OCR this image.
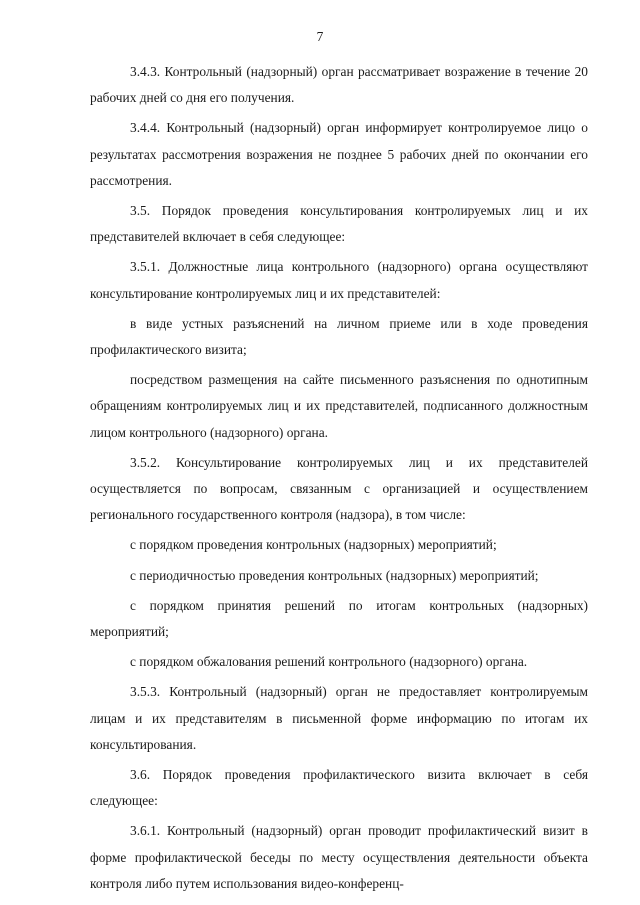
7

3.4.3. Контрольный (надзорный) орган рассматривает возражение в течение 20 рабочих дней со дня его получения.

3.4.4. Контрольный (надзорный) орган информирует контролируемое лицо о результатах рассмотрения возражения не позднее 5 рабочих дней по окончании его рассмотрения.

3.5. Порядок проведения консультирования контролируемых лиц и их представителей включает в себя следующее:

3.5.1. Должностные лица контрольного (надзорного) органа осуществляют консультирование контролируемых лиц и их представителей:

в виде устных разъяснений на личном приеме или в ходе проведения профилактического визита;

посредством размещения на сайте письменного разъяснения по однотипным обращениям контролируемых лиц и их представителей, подписанного должностным лицом контрольного (надзорного) органа.

3.5.2. Консультирование контролируемых лиц и их представителей осуществляется по вопросам, связанным с организацией и осуществлением регионального государственного контроля (надзора), в том числе:

с порядком проведения контрольных (надзорных) мероприятий;

с периодичностью проведения контрольных (надзорных) мероприятий;

с порядком принятия решений по итогам контрольных (надзорных) мероприятий;

с порядком обжалования решений контрольного (надзорного) органа.

3.5.3. Контрольный (надзорный) орган не предоставляет контролируемым лицам и их представителям в письменной форме информацию по итогам их консультирования.

3.6. Порядок проведения профилактического визита включает в себя следующее:

3.6.1. Контрольный (надзорный) орган проводит профилактический визит в форме профилактической беседы по месту осуществления деятельности объекта контроля либо путем использования видео-конференц-
